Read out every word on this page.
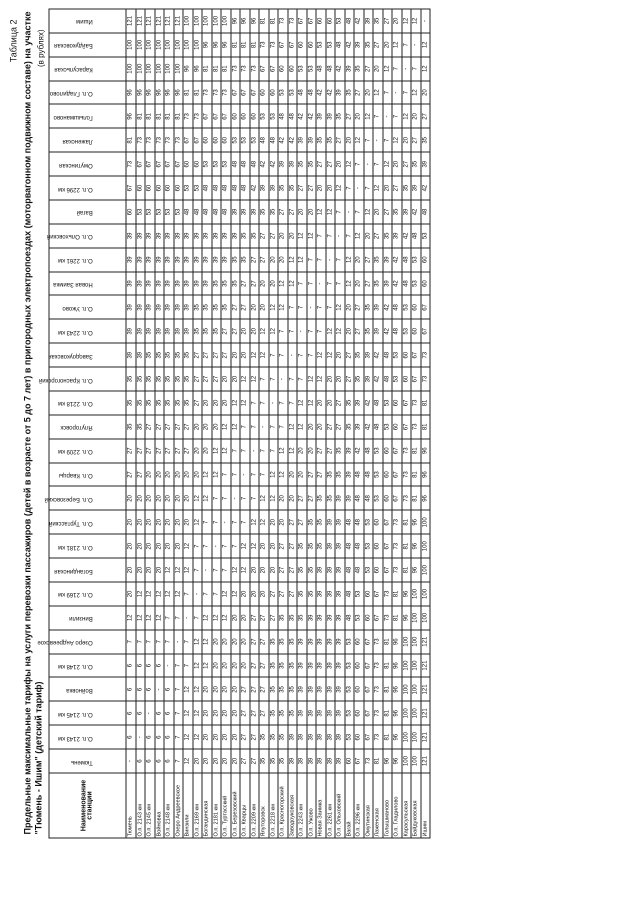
Таблица 2 Предельные максимальные тарифы на услуги перевозки пассажиров (детей в возрасте от 5 до 7 лет) в пригородных электропоездах (моторвагонном подвижном составе) на участке "Тюмень - Ишим" (детский тариф)
(в рублях)
Наименование станции	Тюмень	О.п. 2143 км	О.п. 2145 км	Войновка	О.п. 2148 км	Озеро Андреевское	Винзили	О.п. 2169 км	Богандинская	О.п. 2181 км	О.п. Туртасский	О.п. Березовский	О.п. Кварцы	О.п. 2209 км	Ялуторовск	О.п. 2218 км	О.п. Красногорский	Заводоуковская	О.п. 2243 км	О.п. Ужово	Новая Заимка	О.п. 2261 км	О.п. Ольховский	Вагай	О.п. 2296 км	Омутинская	Лаженская	Голышманово	О.п. Гладилово	Карасульская	Байдуковская	Ишим

Тюмень	-	6	6	6	6	7	12	20	20	20	20	20	27	27	35	35	35	39	39	39	39	39	39	60	67	73	81	96	96	100	100	121
О.п. 2143 км	6	-	6	6	6	7	12	12	20	20	20	20	27	27	35	35	35	39	39	39	39	39	39	53	60	67	73	81	96	100	100	121
О.п. 2145 км	6	6	-	6	6	7	12	12	20	20	20	20	20	27	27	35	35	35	39	39	39	39	39	53	60	67	73	81	96	100	100	121
Войновка	6	6	6	-	6	7	12	12	20	20	20	20	20	27	27	35	35	35	39	39	39	39	39	53	60	67	73	81	96	100	100	121
О.п. 2148 км	6	6	6	6	-	7	7	12	12	20	20	20	20	27	27	35	35	35	39	39	39	39	39	53	60	67	73	81	96	100	100	121
Озеро Андреевское	7	7	7	7	7	-	7	12	12	20	20	20	20	27	27	35	35	35	39	39	39	39	39	53	60	67	73	81	96	100	100	121
Винзили	12	12	12	12	7	7	-	7	12	12	20	20	20	27	27	35	35	35	39	39	39	39	39	48	53	60	67	73	81	96	100	100
О.п. 2169 км	20	12	12	12	12	12	7	-	7	7	12	12	20	20	20	27	27	27	35	35	39	39	39	48	53	60	67	73	81	96	100	100
Богандинская	20	20	20	20	12	12	12	7	-	7	7	12	12	20	20	20	27	27	35	35	39	39	39	48	48	53	60	67	73	81	96	100
О.п. 2181 км	20	20	20	20	20	20	12	7	7	-	7	7	12	12	20	20	27	27	35	35	35	39	39	48	48	53	60	67	73	81	96	100
О.п. Туртасский	20	20	20	20	20	20	12	12	7	7	-	7	7	12	12	20	20	27	27	35	35	39	39	48	48	53	60	67	73	81	96	100
О.п. Березовский	20	20	20	20	20	20	20	12	12	7	7	-	7	7	12	12	20	20	27	27	35	35	39	39	48	48	53	60	67	73	81	96
О.п. Кварцы	27	27	27	27	20	20	20	20	12	12	7	7	-	7	7	12	12	20	20	27	27	35	35	39	48	48	53	60	67	73	81	96
О.п. 2209 км	27	27	27	27	27	27	27	20	20	12	12	7	7	-	7	7	12	12	20	20	27	27	35	39	42	48	53	60	67	73	81	96
Ялуторовск	35	35	27	27	27	27	27	20	20	20	12	12	7	7	-	7	7	12	12	20	20	27	27	35	39	42	48	53	60	67	73	81
О.п. 2218 км	35	35	35	35	35	35	27	27	20	20	20	12	12	7	7	-	7	7	12	12	20	20	27	35	39	42	48	53	60	67	73	81
О.п. Красногорский	35	35	35	35	35	35	35	27	27	27	20	20	12	12	7	7	-	7	7	12	12	20	20	27	35	39	42	48	53	60	67	73
Заводоуковская	39	39	35	35	35	35	35	27	27	27	27	20	20	12	12	7	7	-	7	7	12	12	20	27	35	39	42	48	53	60	67	73
О.п. 2243 км	39	39	39	39	39	39	35	35	35	35	27	27	20	20	12	12	7	7	-	7	7	12	12	20	27	35	39	42	48	53	60	67
О.п. Ужово	39	39	39	39	39	39	39	35	35	35	35	27	27	20	20	12	12	7	7	-	7	7	12	20	27	35	39	42	48	53	60	67
Новая Заимка	39	39	39	39	39	39	39	39	39	35	35	35	27	27	20	20	12	12	7	7	-	7	7	12	20	27	35	39	42	48	53	60
О.п. 2261 км	39	39	39	39	39	39	39	39	39	39	39	35	35	27	27	20	20	12	12	7	7	-	7	12	20	27	35	39	42	48	53	60
О.п. Ольховский	39	39	39	39	39	39	39	39	39	39	39	39	35	35	27	27	20	20	12	12	7	7	-	7	12	20	27	35	39	42	48	53
Вагай	60	53	53	53	53	53	48	48	48	48	48	39	39	39	35	35	27	27	20	20	12	12	7	-	7	12	20	27	35	39	42	48
О.п. 2296 км	67	60	60	60	60	60	53	53	48	48	48	48	48	42	39	39	35	35	27	27	20	20	12	7	-	7	12	20	27	35	39	42
Омутинская	73	67	67	67	67	67	60	60	53	53	53	48	48	48	42	42	39	39	35	35	27	27	20	12	7	-	7	12	20	27	35	39
Лаженская	81	73	73	73	73	73	67	67	60	60	60	53	53	53	48	48	42	42	39	39	35	35	27	20	12	7	-	7	12	20	27	35
Голышманово	96	81	81	81	81	81	73	73	67	67	67	60	60	60	53	53	48	48	42	42	39	39	35	27	20	12	7	-	7	12	20	27
О.п. Гладилово	96	96	96	96	96	96	81	81	73	73	73	67	67	67	60	60	53	53	48	48	42	42	39	35	27	20	12	7	-	7	12	20
Карасульская	100	100	100	100	100	100	96	96	81	81	81	73	73	73	67	67	60	60	53	53	48	48	42	39	35	27	20	12	7	-	7	12
Байдуковская	100	100	100	100	100	100	100	100	96	96	96	81	81	81	73	73	67	67	60	60	53	53	48	42	39	35	27	20	12	7	-	12
Ишим	121	121	121	121	121	121	100	100	100	100	100	96	96	96	81	81	73	73	67	67	60	60	53	48	42	39	35	27	20	12	12	-
